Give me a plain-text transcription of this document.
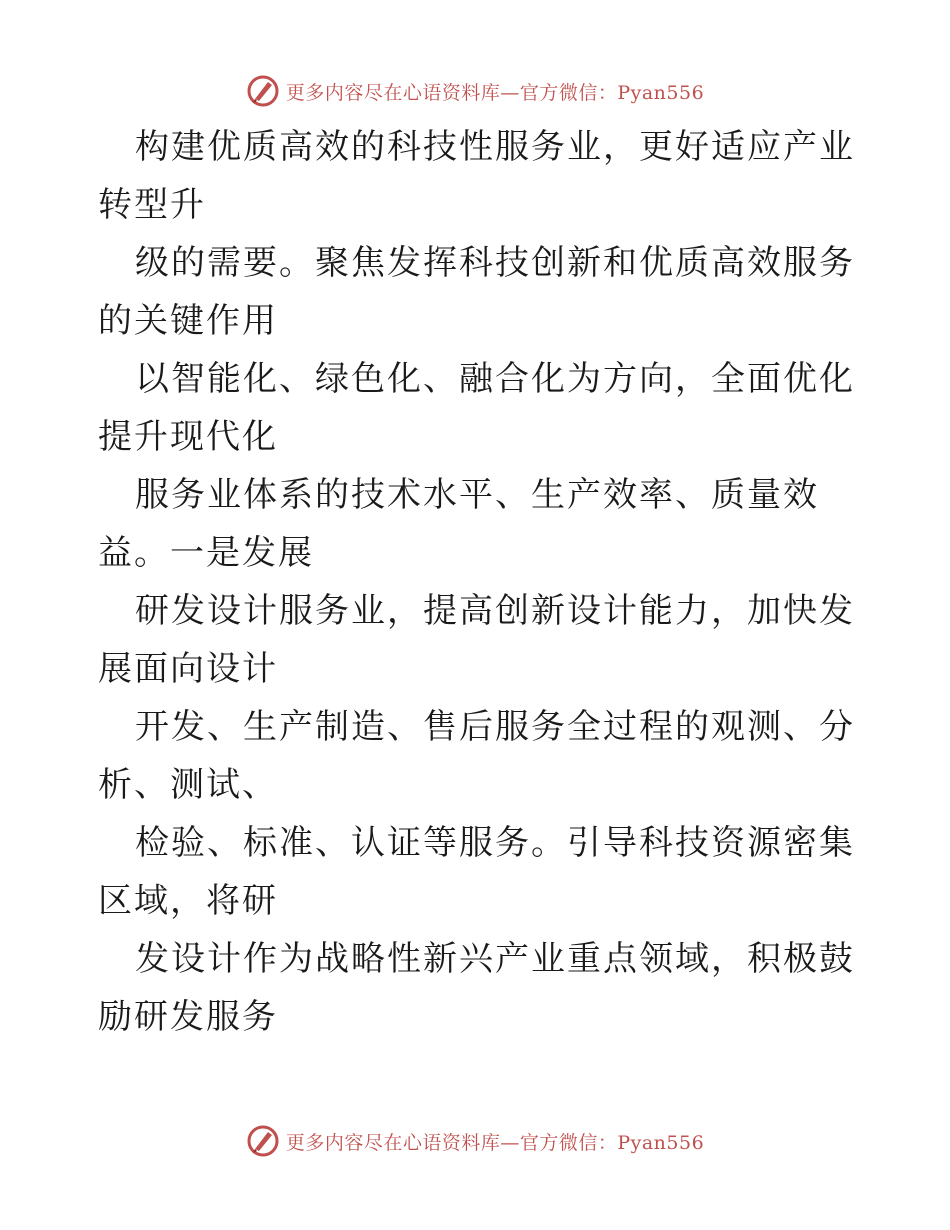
更多内容尽在心语资料库—官方微信：Pyan556

构建优质高效的科技性服务业，更好适应产业转型升

级的需要。聚焦发挥科技创新和优质高效服务的关键作用

以智能化、绿色化、融合化为方向，全面优化提升现代化

服务业体系的技术水平、生产效率、质量效益。一是发展

研发设计服务业，提高创新设计能力，加快发展面向设计

开发、生产制造、售后服务全过程的观测、分析、测试、

检验、标准、认证等服务。引导科技资源密集区域，将研

发设计作为战略性新兴产业重点领域，积极鼓励研发服务

更多内容尽在心语资料库—官方微信：Pyan556
